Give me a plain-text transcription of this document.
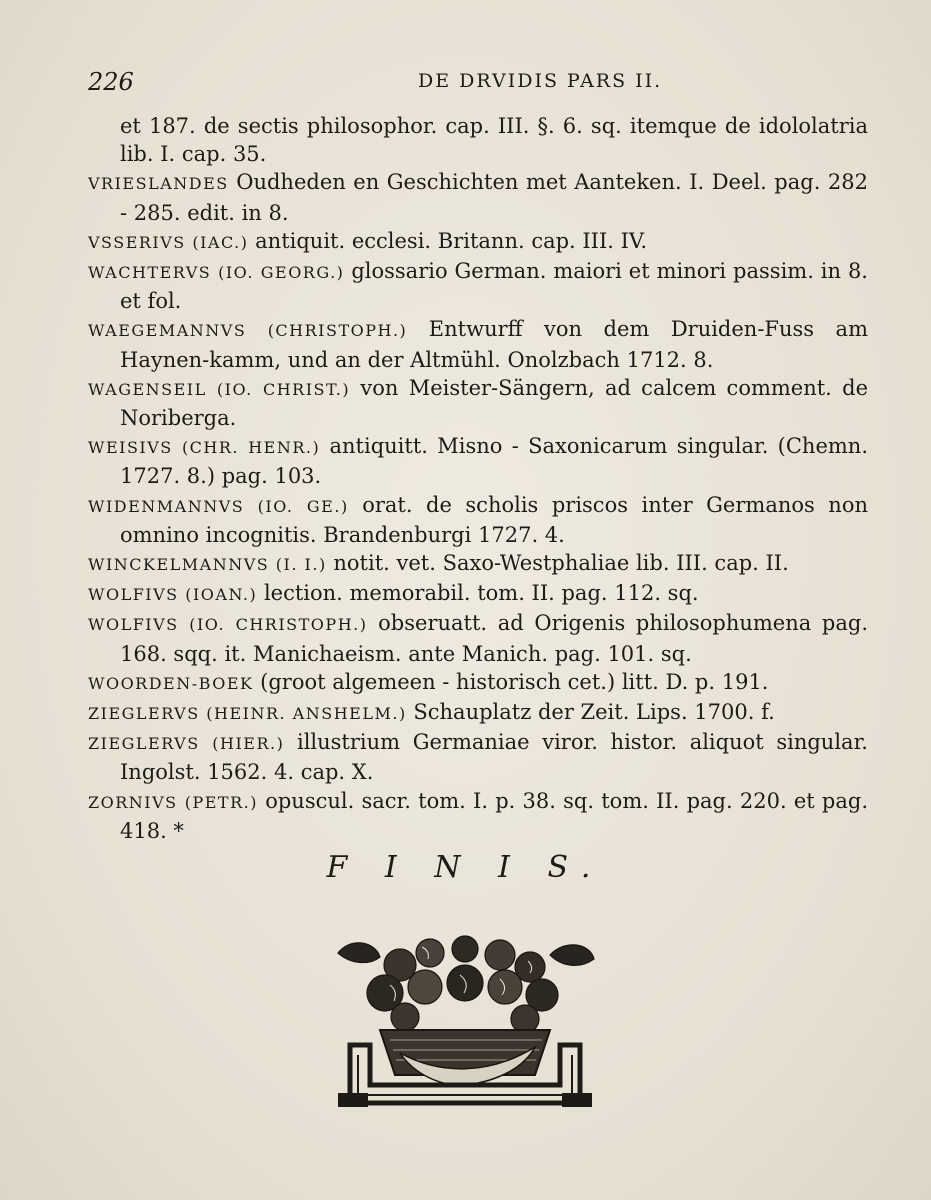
226	DE DRVIDIS PARS II.

et 187. de sectis philosophor. cap. III. §. 6. sq. itemque de idololatria lib. I. cap. 35.

VRIESLANDES Oudheden en Geschichten met Aanteken. I. Deel. pag. 282 - 285. edit. in 8.

VSSERIVS (IAC.) antiquit. ecclesi. Britann. cap. III. IV.

WACHTERVS (IO. GEORG.) glossario German. maiori et minori passim. in 8. et fol.

WAEGEMANNVS (CHRISTOPH.) Entwurff von dem Druiden-Fuss am Haynen-kamm, und an der Altmühl. Onolzbach 1712. 8.

WAGENSEIL (IO. CHRIST.) von Meister-Sängern, ad calcem comment. de Noriberga.

WEISIVS (CHR. HENR.) antiquitt. Misno - Saxonicarum singular. (Chemn. 1727. 8.) pag. 103.

WIDENMANNVS (IO. GE.) orat. de scholis priscos inter Germanos non omnino incognitis. Brandenburgi 1727. 4.

WINCKELMANNVS (I. I.) notit. vet. Saxo-Westphaliae lib. III. cap. II.

WOLFIVS (IOAN.) lection. memorabil. tom. II. pag. 112. sq.

WOLFIVS (IO. CHRISTOPH.) obseruatt. ad Origenis philosophumena pag. 168. sqq. it. Manichaeism. ante Manich. pag. 101. sq.

WOORDEN-BOEK (groot algemeen - historisch cet.) litt. D. p. 191.

ZIEGLERVS (HEINR. ANSHELM.) Schauplatz der Zeit. Lips. 1700. f.

ZIEGLERVS (HIER.) illustrium Germaniae viror. histor. aliquot singular. Ingolst. 1562. 4. cap. X.

ZORNIVS (PETR.) opuscul. sacr. tom. I. p. 38. sq. tom. II. pag. 220. et pag. 418. *

F I N I S.
